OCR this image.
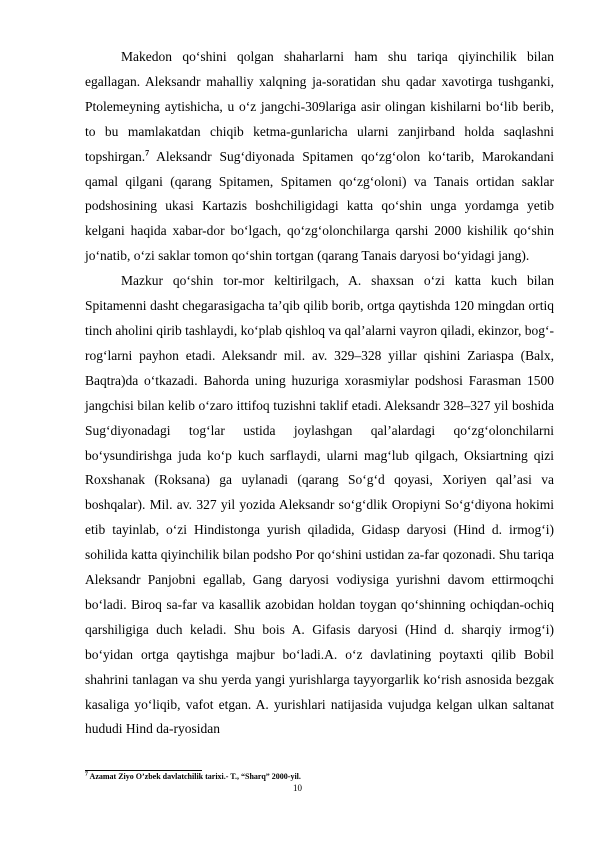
Makedon qo‘shini qolgan shaharlarni ham shu tariqa qiyinchilik bilan egallagan. Aleksandr mahalliy xalqning ja-soratidan shu qadar xavotirga tushganki, Ptolemeyning aytishicha, u o‘z jangchi-309lariga asir olingan kishilarni bo‘lib berib, to bu mamlakatdan chiqib ketma-gunlaricha ularni zanjirband holda saqlashni topshirgan.$^7$ Aleksandr Sug‘diyonada Spitamen qo‘zg‘olon ko‘tarib, Marokandani qamal qilgani (qarang Spitamen, Spitamen qo‘zg‘oloni) va Tanais ortidan saklar podshosining ukasi Kartazis boshchiligidagi katta qo‘shin unga yordamga yetib kelgani haqida xabar-dor bo‘lgach, qo‘zg‘olonchilarga qarshi 2000 kishilik qo‘shin jo‘natib, o‘zi saklar tomon qo‘shin tortgan (qarang Tanais daryosi bo‘yidagi jang).

Mazkur qo‘shin tor-mor keltirilgach, A. shaxsan o‘zi katta kuch bilan Spitamenni dasht chegarasigacha ta’qib qilib borib, ortga qaytishda 120 mingdan ortiq tinch aholini qirib tashlaydi, ko‘plab qishloq va qal’alarni vayron qiladi, ekinzor, bog‘-rog‘larni payhon etadi. Aleksandr mil. av. 329–328 yillar qishini Zariaspa (Balx, Baqtra)da o‘tkazadi. Bahorda uning huzuriga xorasmiylar podshosi Farasman 1500 jangchisi bilan kelib o‘zaro ittifoq tuzishni taklif etadi. Aleksandr 328–327 yil boshida Sug‘diyonadagi tog‘lar ustida joylashgan qal’alardagi qo‘zg‘olonchilarni bo‘ysundirishga juda ko‘p kuch sarflaydi, ularni mag‘lub qilgach, Oksiartning qizi Roxshanak (Roksana) ga uylanadi (qarang So‘g‘d qoyasi, Xoriyen qal’asi va boshqalar). Mil. av. 327 yil yozida Aleksandr so‘g‘dlik Oropiyni So‘g‘diyona hokimi etib tayinlab, o‘zi Hindistonga yurish qiladida, Gidasp daryosi (Hind d. irmog‘i) sohilida katta qiyinchilik bilan podsho Por qo‘shini ustidan za-far qozonadi. Shu tariqa Aleksandr Panjobni egallab, Gang daryosi vodiysiga yurishni davom ettirmoqchi bo‘ladi. Biroq sa-far va kasallik azobidan holdan toygan qo‘shinning ochiqdan-ochiq qarshiligiga duch keladi. Shu bois A. Gifasis daryosi (Hind d. sharqiy irmog‘i) bo‘yidan ortga qaytishga majbur bo‘ladi.A. o‘z davlatining poytaxti qilib Bobil shahrini tanlagan va shu yerda yangi yurishlarga tayyorgarlik ko‘rish asnosida bezgak kasaliga yo‘liqib, vafot etgan. A. yurishlari natijasida vujudga kelgan ulkan saltanat hududi Hind da-ryosidan

$^7$ Azamat Ziyo O’zbek davlatchilik tarixi.- T., “Sharq” 2000-yil.
10
